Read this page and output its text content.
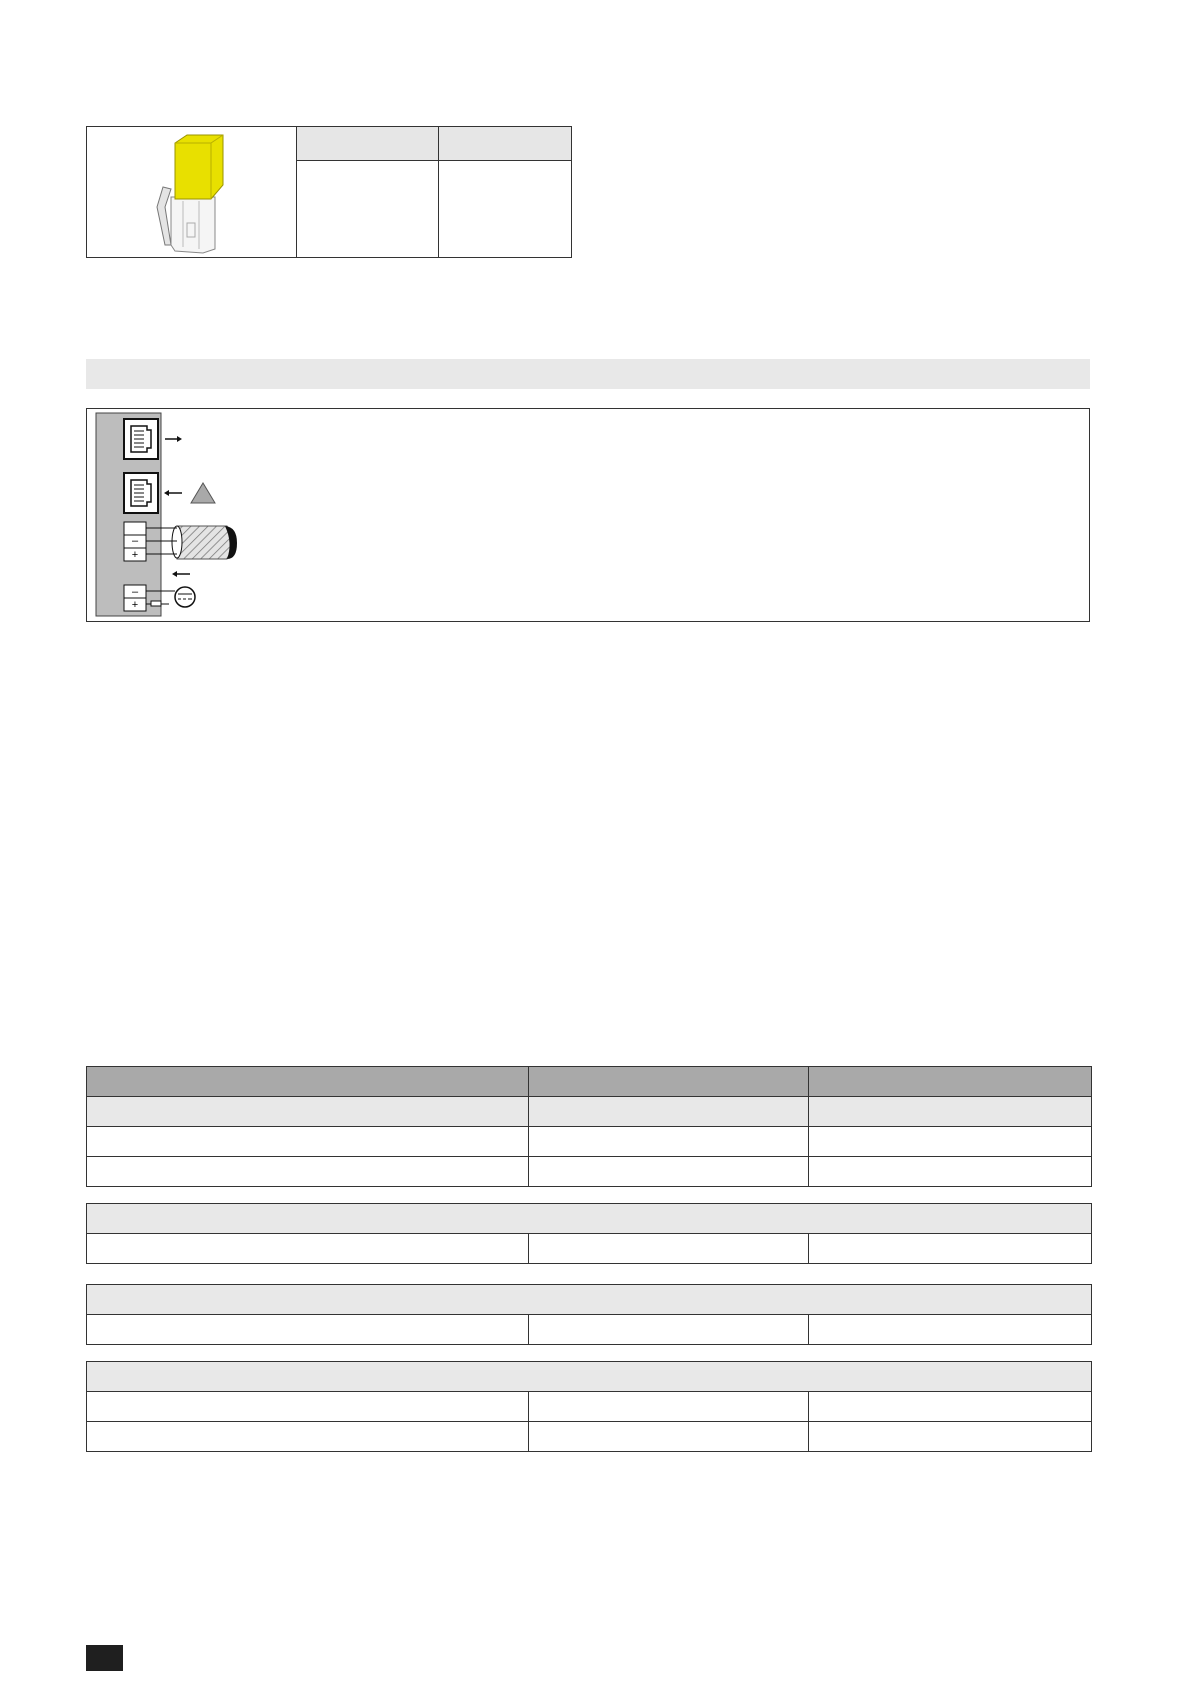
–
+
–
+
